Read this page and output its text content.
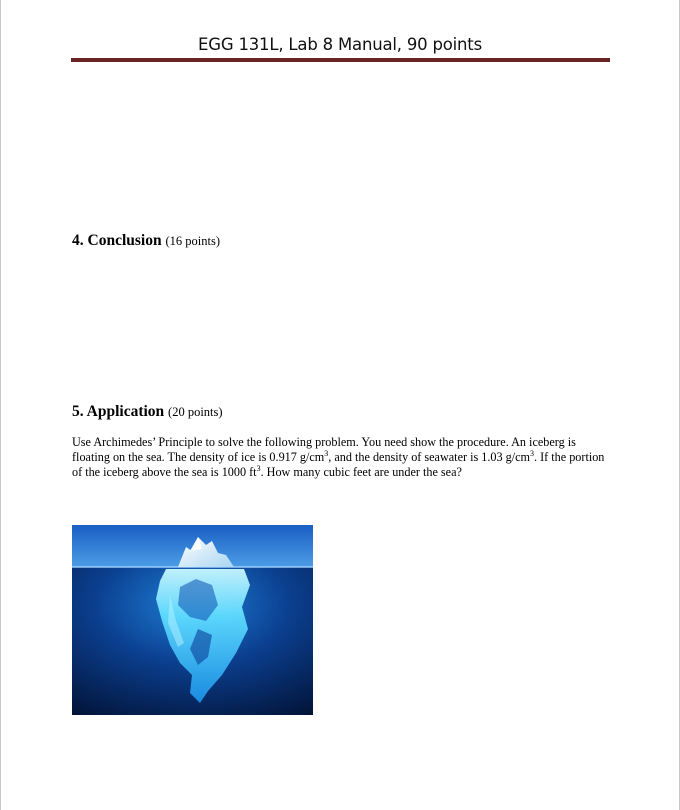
EGG 131L, Lab 8 Manual, 90 points
4. Conclusion (16 points)
5. Application (20 points)
Use Archimedes’ Principle to solve the following problem. You need show the procedure. An iceberg is floating on the sea. The density of ice is 0.917 $g/cm^3$, and the density of seawater is 1.03 $g/cm^3$. If the portion of the iceberg above the sea is 1000 $ft^3$. How many cubic feet are under the sea?
